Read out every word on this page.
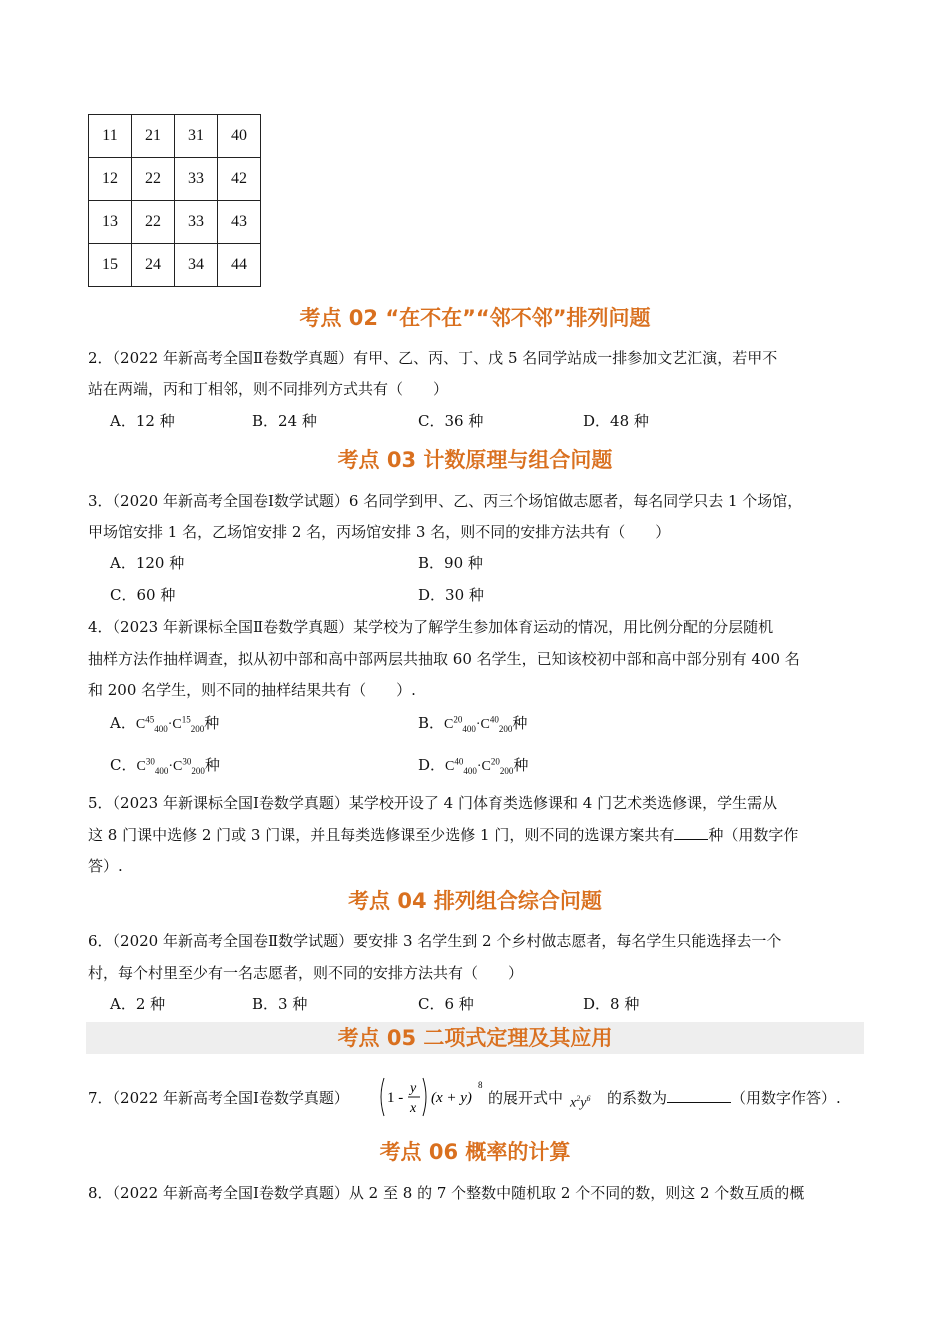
11	21	31	40
12	22	33	42
13	22	33	43
15	24	34	44
考点 02 “在不在”“邻不邻”排列问题
2．（2022 年新高考全国Ⅱ卷数学真题）有甲、乙、丙、丁、戊 5 名同学站成一排参加文艺汇演，若甲不
站在两端，丙和丁相邻，则不同排列方式共有（　　）
A．12 种	B．24 种	C．36 种	D．48 种
考点 03 计数原理与组合问题
3．（2020 年新高考全国卷Ⅰ数学试题）6 名同学到甲、乙、丙三个场馆做志愿者，每名同学只去 1 个场馆，
甲场馆安排 1 名，乙场馆安排 2 名，丙场馆安排 3 名，则不同的安排方法共有（　　）
A．120 种	B．90 种
C．60 种	D．30 种
4．（2023 年新课标全国Ⅱ卷数学真题）某学校为了解学生参加体育运动的情况，用比例分配的分层随机
抽样方法作抽样调查，拟从初中部和高中部两层共抽取 60 名学生，已知该校初中部和高中部分别有 400 名
和 200 名学生，则不同的抽样结果共有（　　）.
A．$C^{45}_{400}\cdot C^{15}_{200}$种	B．$C^{20}_{400}\cdot C^{40}_{200}$种
C．$C^{30}_{400}\cdot C^{30}_{200}$种	D．$C^{40}_{400}\cdot C^{20}_{200}$种
5．（2023 年新课标全国Ⅰ卷数学真题）某学校开设了 4 门体育类选修课和 4 门艺术类选修课，学生需从
这 8 门课中选修 2 门或 3 门课，并且每类选修课至少选修 1 门，则不同的选课方案共有 种（用数字作
答）.
考点 04 排列组合综合问题
6．（2020 年新高考全国卷Ⅱ数学试题）要安排 3 名学生到 2 个乡村做志愿者，每名学生只能选择去一个
村，每个村里至少有一名志愿者，则不同的安排方法共有（　　）
A．2 种	B．3 种	C．6 种	D．8 种
考点 05 二项式定理及其应用
7．（2022 年新高考全国Ⅰ卷数学真题）	1 -
y
x
(x + y)
8
的展开式中 $x^2y^6$ 的系数为	（用数字作答）.
考点 06 概率的计算
8．（2022 年新高考全国Ⅰ卷数学真题）从 2 至 8 的 7 个整数中随机取 2 个不同的数，则这 2 个数互质的概
